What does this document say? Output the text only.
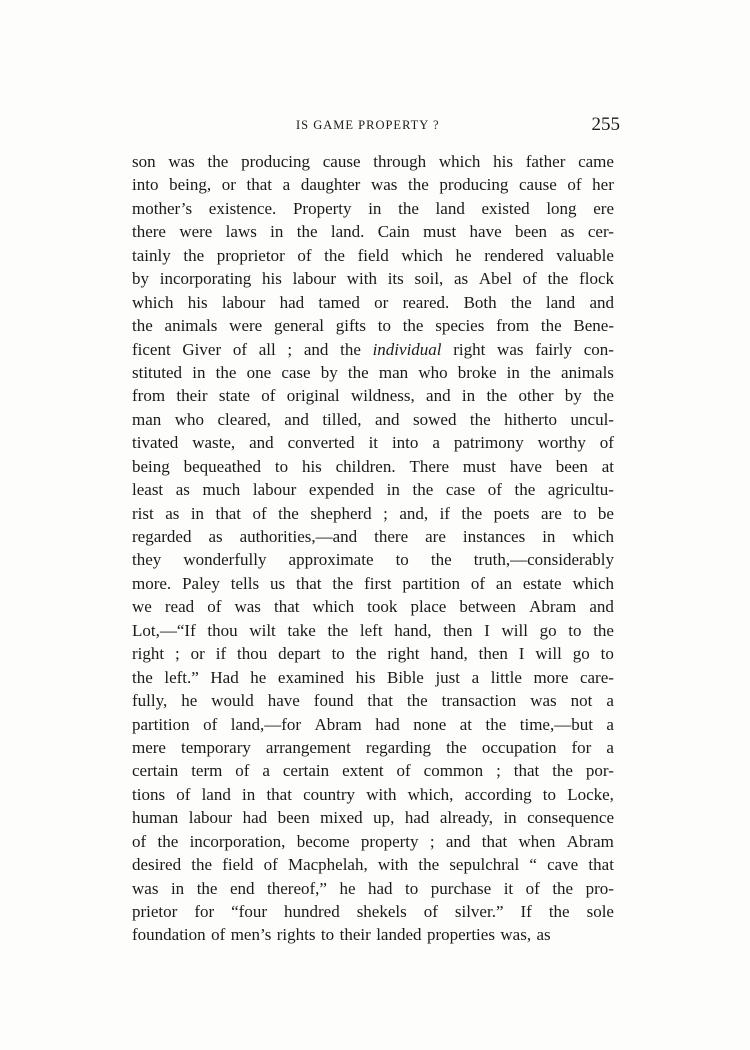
IS GAME PROPERTY ?	255
son was the producing cause through which his father came
into being, or that a daughter was the producing cause of her
mother’s existence. Property in the land existed long ere
there were laws in the land. Cain must have been as cer-
tainly the proprietor of the field which he rendered valuable
by incorporating his labour with its soil, as Abel of the flock
which his labour had tamed or reared. Both the land and
the animals were general gifts to the species from the Bene-
ficent Giver of all ; and the individual right was fairly con-
stituted in the one case by the man who broke in the animals
from their state of original wildness, and in the other by the
man who cleared, and tilled, and sowed the hitherto uncul-
tivated waste, and converted it into a patrimony worthy of
being bequeathed to his children. There must have been at
least as much labour expended in the case of the agricultu-
rist as in that of the shepherd ; and, if the poets are to be
regarded as authorities,—and there are instances in which
they wonderfully approximate to the truth,—considerably
more. Paley tells us that the first partition of an estate which
we read of was that which took place between Abram and
Lot,—“If thou wilt take the left hand, then I will go to the
right ; or if thou depart to the right hand, then I will go to
the left.” Had he examined his Bible just a little more care-
fully, he would have found that the transaction was not a
partition of land,—for Abram had none at the time,—but a
mere temporary arrangement regarding the occupation for a
certain term of a certain extent of common ; that the por-
tions of land in that country with which, according to Locke,
human labour had been mixed up, had already, in consequence
of the incorporation, become property ; and that when Abram
desired the field of Macphelah, with the sepulchral “ cave that
was in the end thereof,” he had to purchase it of the pro-
prietor for “four hundred shekels of silver.” If the sole
foundation of men’s rights to their landed properties was, as
